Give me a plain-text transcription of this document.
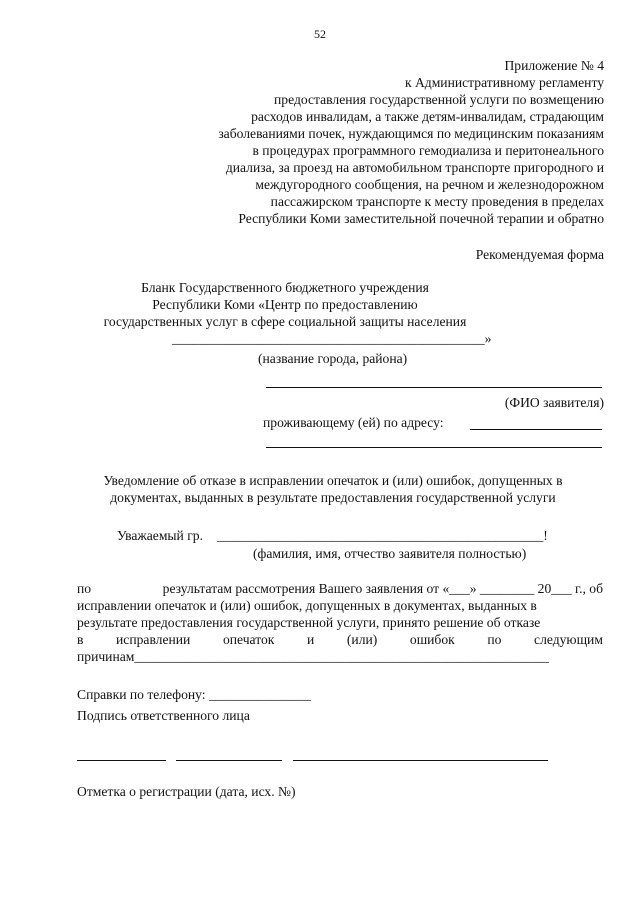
52
Приложение № 4
к Административному регламенту
предоставления государственной услуги по возмещению
расходов инвалидам, а также детям-инвалидам, страдающим
заболеваниями почек, нуждающимся по медицинским показаниям
в процедурах программного гемодиализа и перитонеального
диализа, за проезд на автомобильном транспорте пригородного и
междугородного сообщения, на речном и железнодорожном
пассажирском транспорте к месту проведения в пределах
Республики Коми заместительной почечной терапии и обратно
Рекомендуемая форма
Бланк Государственного бюджетного учреждения
Республики Коми «Центр по предоставлению
государственных услуг в сфере социальной защиты населения
______________________________________________»
(название города, района)
(ФИО заявителя)
проживающему (ей) по адресу:
Уведомление об отказе в исправлении опечаток и (или) ошибок, допущенных в
документах, выданных в результате предоставления государственной услуги
Уважаемый гр. ________________________________________________!
(фамилия, имя, отчество заявителя полностью)
по	результатам рассмотрения Вашего заявления от «___» ________ 20___ г., об
исправлении опечаток и (или) ошибок, допущенных в документах, выданных в
результате предоставления государственной услуги, принято решение об отказе
в исправлении опечаток и (или) ошибок по следующим
причинам_____________________________________________________________
Справки по телефону: _______________
Подпись ответственного лица
Отметка о регистрации (дата, исх. №)
